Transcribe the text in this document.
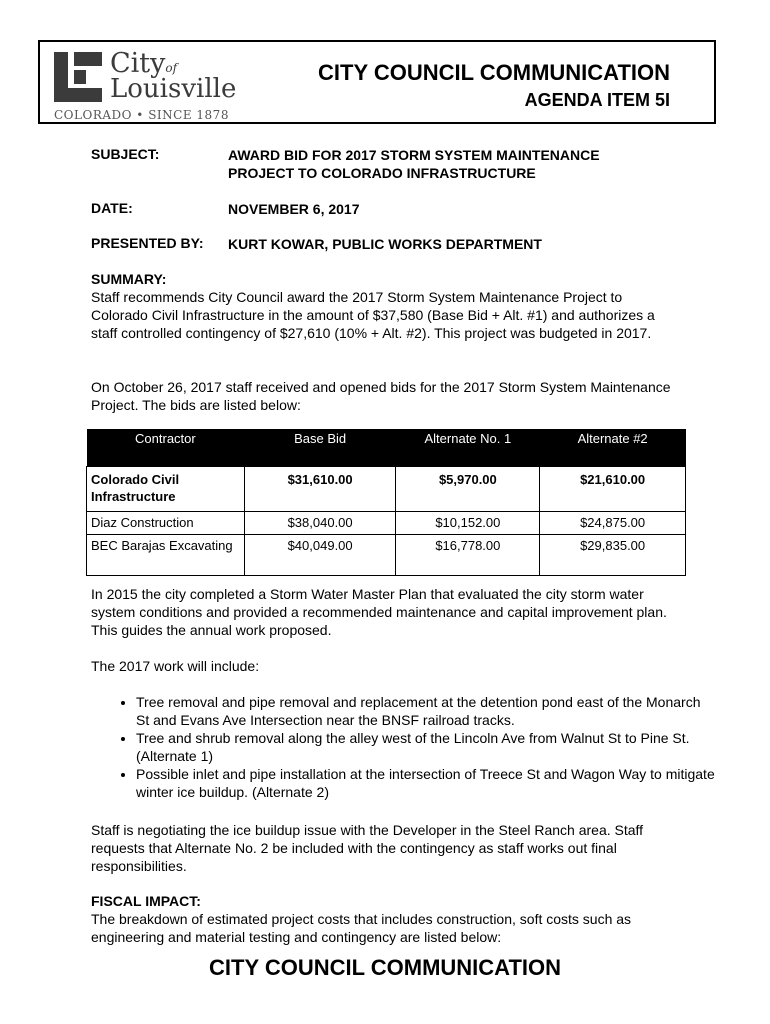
Cityof
Louisville
COLORADO • SINCE 1878
CITY COUNCIL COMMUNICATION
AGENDA ITEM 5I
SUBJECT:	AWARD BID FOR 2017 STORM SYSTEM MAINTENANCE
PROJECT TO COLORADO INFRASTRUCTURE
DATE:	NOVEMBER 6, 2017
PRESENTED BY: KURT KOWAR, PUBLIC WORKS DEPARTMENT
SUMMARY:
Staff recommends City Council award the 2017 Storm System Maintenance Project to Colorado Civil Infrastructure in the amount of $37,580 (Base Bid + Alt. #1) and authorizes a staff controlled contingency of $27,610 (10% + Alt. #2). This project was budgeted in 2017.
On October 26, 2017 staff received and opened bids for the 2017 Storm System Maintenance Project. The bids are listed below:
Contractor	Base Bid	Alternate No. 1	Alternate #2
Colorado Civil Infrastructure	$31,610.00	$5,970.00	$21,610.00
Diaz Construction	$38,040.00	$10,152.00	$24,875.00
BEC Barajas Excavating	$40,049.00	$16,778.00	$29,835.00
In 2015 the city completed a Storm Water Master Plan that evaluated the city storm water system conditions and provided a recommended maintenance and capital improvement plan. This guides the annual work proposed.
The 2017 work will include:
• Tree removal and pipe removal and replacement at the detention pond east of the Monarch St and Evans Ave Intersection near the BNSF railroad tracks.
• Tree and shrub removal along the alley west of the Lincoln Ave from Walnut St to Pine St. (Alternate 1)
• Possible inlet and pipe installation at the intersection of Treece St and Wagon Way to mitigate winter ice buildup. (Alternate 2)
Staff is negotiating the ice buildup issue with the Developer in the Steel Ranch area. Staff requests that Alternate No. 2 be included with the contingency as staff works out final responsibilities.
FISCAL IMPACT:
The breakdown of estimated project costs that includes construction, soft costs such as engineering and material testing and contingency are listed below:
CITY COUNCIL COMMUNICATION
